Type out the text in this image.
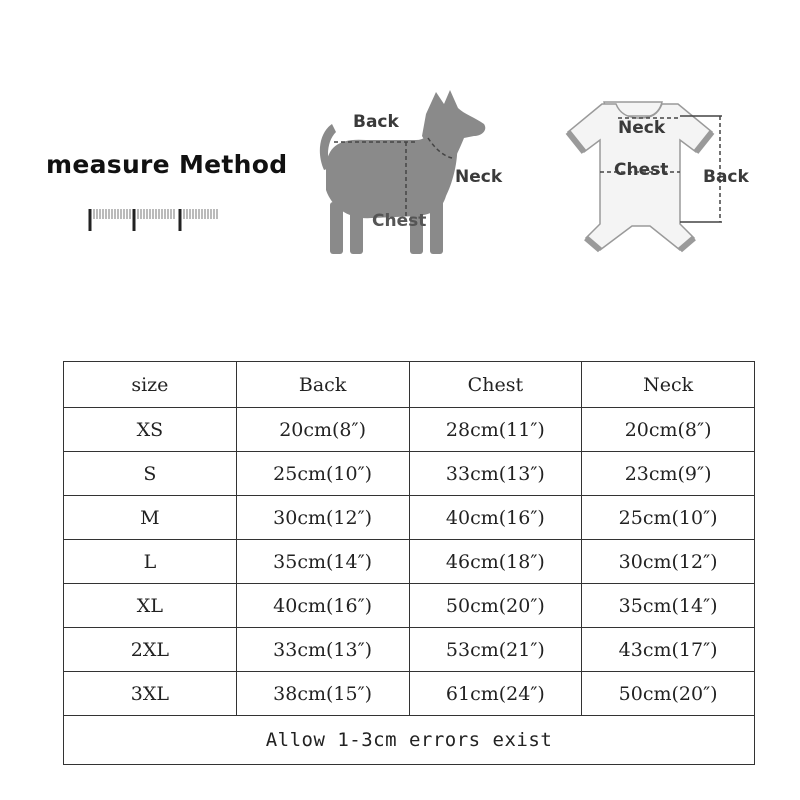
measure Method
Back
Neck
Chest
Neck
Chest Back
size	Back	Chest	Neck
XS	20cm(8″)	28cm(11″)	20cm(8″)
S	25cm(10″)	33cm(13″)	23cm(9″)
M	30cm(12″)	40cm(16″)	25cm(10″)
L	35cm(14″)	46cm(18″)	30cm(12″)
XL	40cm(16″)	50cm(20″)	35cm(14″)
2XL	33cm(13″)	53cm(21″)	43cm(17″)
3XL	38cm(15″)	61cm(24″)	50cm(20″)
Allow 1-3cm errors exist			
